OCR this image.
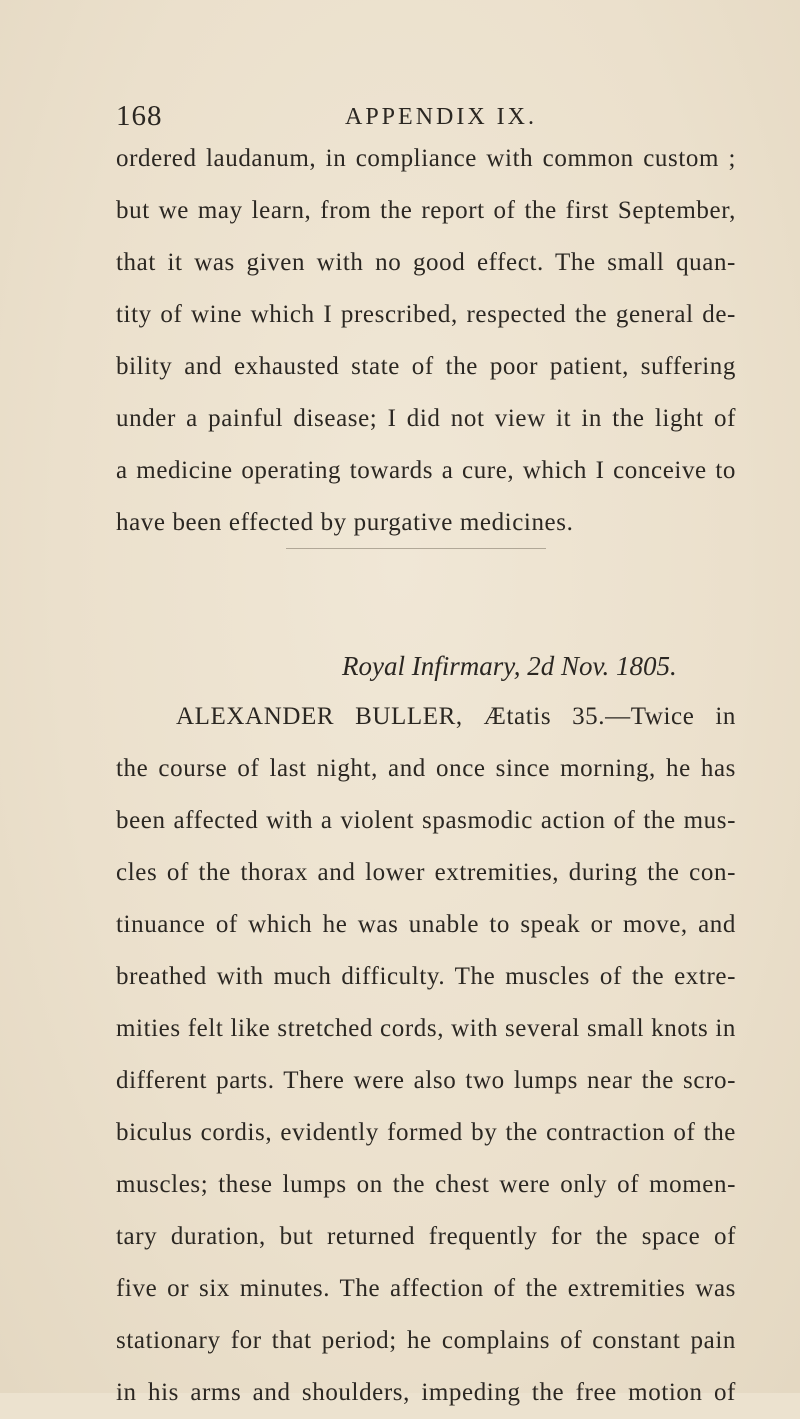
168	APPENDIX IX.
ordered laudanum, in compliance with common custom ;
but we may learn, from the report of the first September,
that it was given with no good effect. The small quan-
tity of wine which I prescribed, respected the general de-
bility and exhausted state of the poor patient, suffering
under a painful disease; I did not view it in the light of
a medicine operating towards a cure, which I conceive to
have been effected by purgative medicines.
Royal Infirmary, 2d Nov. 1805.
ALEXANDER BULLER, Ætatis 35.—Twice in
the course of last night, and once since morning, he has
been affected with a violent spasmodic action of the mus-
cles of the thorax and lower extremities, during the con-
tinuance of which he was unable to speak or move, and
breathed with much difficulty. The muscles of the extre-
mities felt like stretched cords, with several small knots in
different parts. There were also two lumps near the scro-
biculus cordis, evidently formed by the contraction of the
muscles; these lumps on the chest were only of momen-
tary duration, but returned frequently for the space of
five or six minutes. The affection of the extremities was
stationary for that period; he complains of constant pain
in his arms and shoulders, impeding the free motion of
